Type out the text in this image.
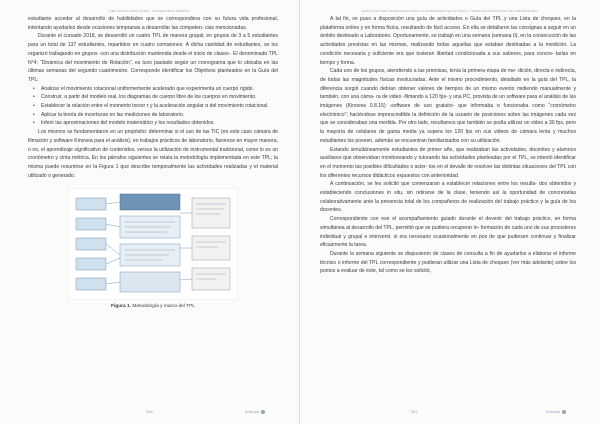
RED SOCIAL EDUCATIVA · UNIVERSIDAD ABIERTA

estudiante acceder al desarrollo de habilidades que se correspondiera con su futura vida profesional, intentando ayudarles desde ocasiones tempranas a desarrollar las competen- cias mencionadas.

Durante el cursado 2018, se desarrolló un cuatro TPL de manera grupal, en grupos de 3 a 5 estudiantes para un total de 137 estudiantes, repartidos en cuatro comisiones. A dicha cantidad de estudiantes, se los organizó trabajando en grupos -con una distribución mantenida desde el inicio de clases-. El denominado TPL N°4: “Dinámica del movimiento de Rotación”, es tuvo pautado según un cronograma que lo ubicaba en las últimas semanas del segundo cuatrimestre. Corresponde identificar los Objetivos planteados en la Guía del TPL:

• Analizar el movimiento rotacional uniformemente acelerado que experimenta un cuerpo rígido.
• Construir, a partir del modelo real, los diagramas de cuerpo libre de los cuerpos en movimiento.
• Establecer la relación entre el momento torsor τ y la aceleración angular α del movimiento rotacional.
• Aplicar la teoría de incertezas en las mediciones de laboratorio.
• Inferir las aproximaciones del modelo matemático y los resultados obtenidos.

Los mismos se fundamentaron en un propósito: determinar si el uso de las TIC (en este caso cámara de filmación y software Kinovea para el análisis), en trabajos prácticos de laboratorio, favorece en mayor manera, o no, el aprendizaje significativo de contenidos, versus la utilización de instrumental tradicional, como lo es un cronómetro y cinta métrica. En los párrafos siguientes se relata la metodología implementada en este TPL; la misma puede resumirse en la Figura 1 que describe temporalmente las actividades realizadas y el material utilizado o generado.

Figura 1. Metodología y marco del TPL
356	Kolloqui
ENFOQUE POR COMPETENCIAS EN LA ENSEÑANZA DE LA FÍSICA: TRABAJOS PRÁCTICOS DE LABORATORIO

A tal fin, se puso a disposición una guía de actividades o Guía del TPL y una Lista de chequeo, en la plataforma online y en forma física, resultando de fácil acceso. En ella se detallaron las consignas a seguir en un ámbito destinado a Laboratorio. Oportunamente, se trabajó en una semana (semana 0), en la consecución de las actividades previstas en las mismas, realizando todas aquellas que estaban destinadas a la medición. La condición necesaria y suficiente era que tuvieran libertad condicionada a sus saberes, para concre- tarlas en tiempo y forma.

Cada uno de los grupos, atendiendo a las premisas, tenía la primera etapa de me- dición, directa e indirecta, de todas las magnitudes físicas involucradas. Ante el mismo procedimiento, detallado en la guía del TPL, la diferencia surgió cuando debían obtener valores de tiempos de un mismo evento midiendo manualmente y también, con una cáma- ra de video -filmando a 120 fps- y una PC, provista de un software para el análisis de las imágenes (Kinovea 0.8.15) -software de uso gratuito- que informaba o funcionaba como “cronómetro electrónico”; haciéndose imprescindible la definición de la usuario de posiciones sobre las imágenes cada vez que se consideraban una medida. Por otro lado, resultamos que también se podía utilizar un video a 30 fps, pero la mayoría de celulares de gama media ya supera los 120 fps en sus videos de cámara lenta y muchos estudiantes los poseen, además se encuentran familiarizados con su utilización.

Estando simultáneamente estudiantes de primer año, que realizaban las actividades, docentes y alumnos auxiliares que observaban monitoreando y tutorando las actividades planteadas por el TPL, se intentó identificar en el momento las posibles dificultades o acier- tos en el devalle de resolver las distintas situaciones del TPL con los diferentes recursos didácticos expuestos con anterioridad.

A continuación, se les solicitó que comenzaran a establecer relaciones entre los resulta- dos obtenidos y estableciendo conclusiones in situ, sin retirarse de la clase, teniendo así la oportunidad de concretarlas colaborativamente ante la presencia total de los compañeros de realización del trabajo práctico y la guía de los docentes.

Correspondiente con ese el acompañamiento guiado durante el devenir del trabajo práctico, en forma simultánea al desarrollo del TPL, permitió que se pudiera recuperar in- formación de cada uno de sus procederes individual y grupal e intervenir, si era necesario ocasionalmente en pos de que pudiesen continuar y finalizar eficazmente la tarea.

Durante la semana siguiente se dispusieron de clases de consulta a fin de ayudarlos a elaborar el informe técnico o informe del TPL correspondiente y pudieran utilizar una Lista de chequeo (ver más adelante) sobre los puntos a evaluar de éste, tal como se les solicitó,

357	Kolloqui
